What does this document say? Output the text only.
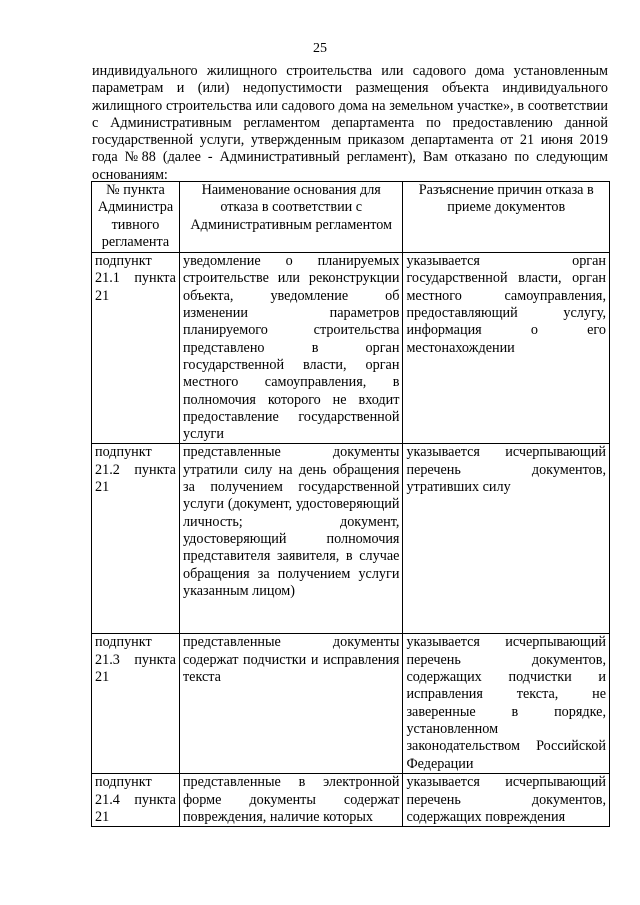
25
индивидуального жилищного строительства или садового дома установленным параметрам и (или) недопустимости размещения объекта индивидуального жилищного строительства или садового дома на земельном участке», в соответствии с Административным регламентом департамента по предоставлению данной государственной услуги, утвержденным приказом департамента от 21 июня 2019 года №88 (далее - Административный регламент), Вам отказано по следующим основаниям:
№ пункта Администра тивного регламента	Наименование основания для отказа в соответствии с Административным регламентом	Разъяснение причин отказа в приеме документов
подпункт 21.1 пункта 21	уведомление о планируемых строительстве или реконструкции объекта, уведомление об изменении параметров планируемого строительства представлено в орган государственной власти, орган местного самоуправления, в полномочия которого не входит предоставление государственной услуги	указывается орган государственной власти, орган местного самоуправления, предоставляющий услугу, информация о его местонахождении
подпункт 21.2 пункта 21	представленные документы утратили силу на день обращения за получением государственной услуги (документ, удостоверяющий личность; документ, удостоверяющий полномочия представителя заявителя, в случае обращения за получением услуги указанным лицом)	указывается исчерпывающий перечень документов, утративших силу
подпункт 21.3 пункта 21	представленные документы содержат подчистки и исправления текста	указывается исчерпывающий перечень документов, содержащих подчистки и исправления текста, не заверенные в порядке, установленном законодательством Российской Федерации
подпункт 21.4 пункта 21	представленные в электронной форме документы содержат повреждения, наличие которых	указывается исчерпывающий перечень документов, содержащих повреждения
